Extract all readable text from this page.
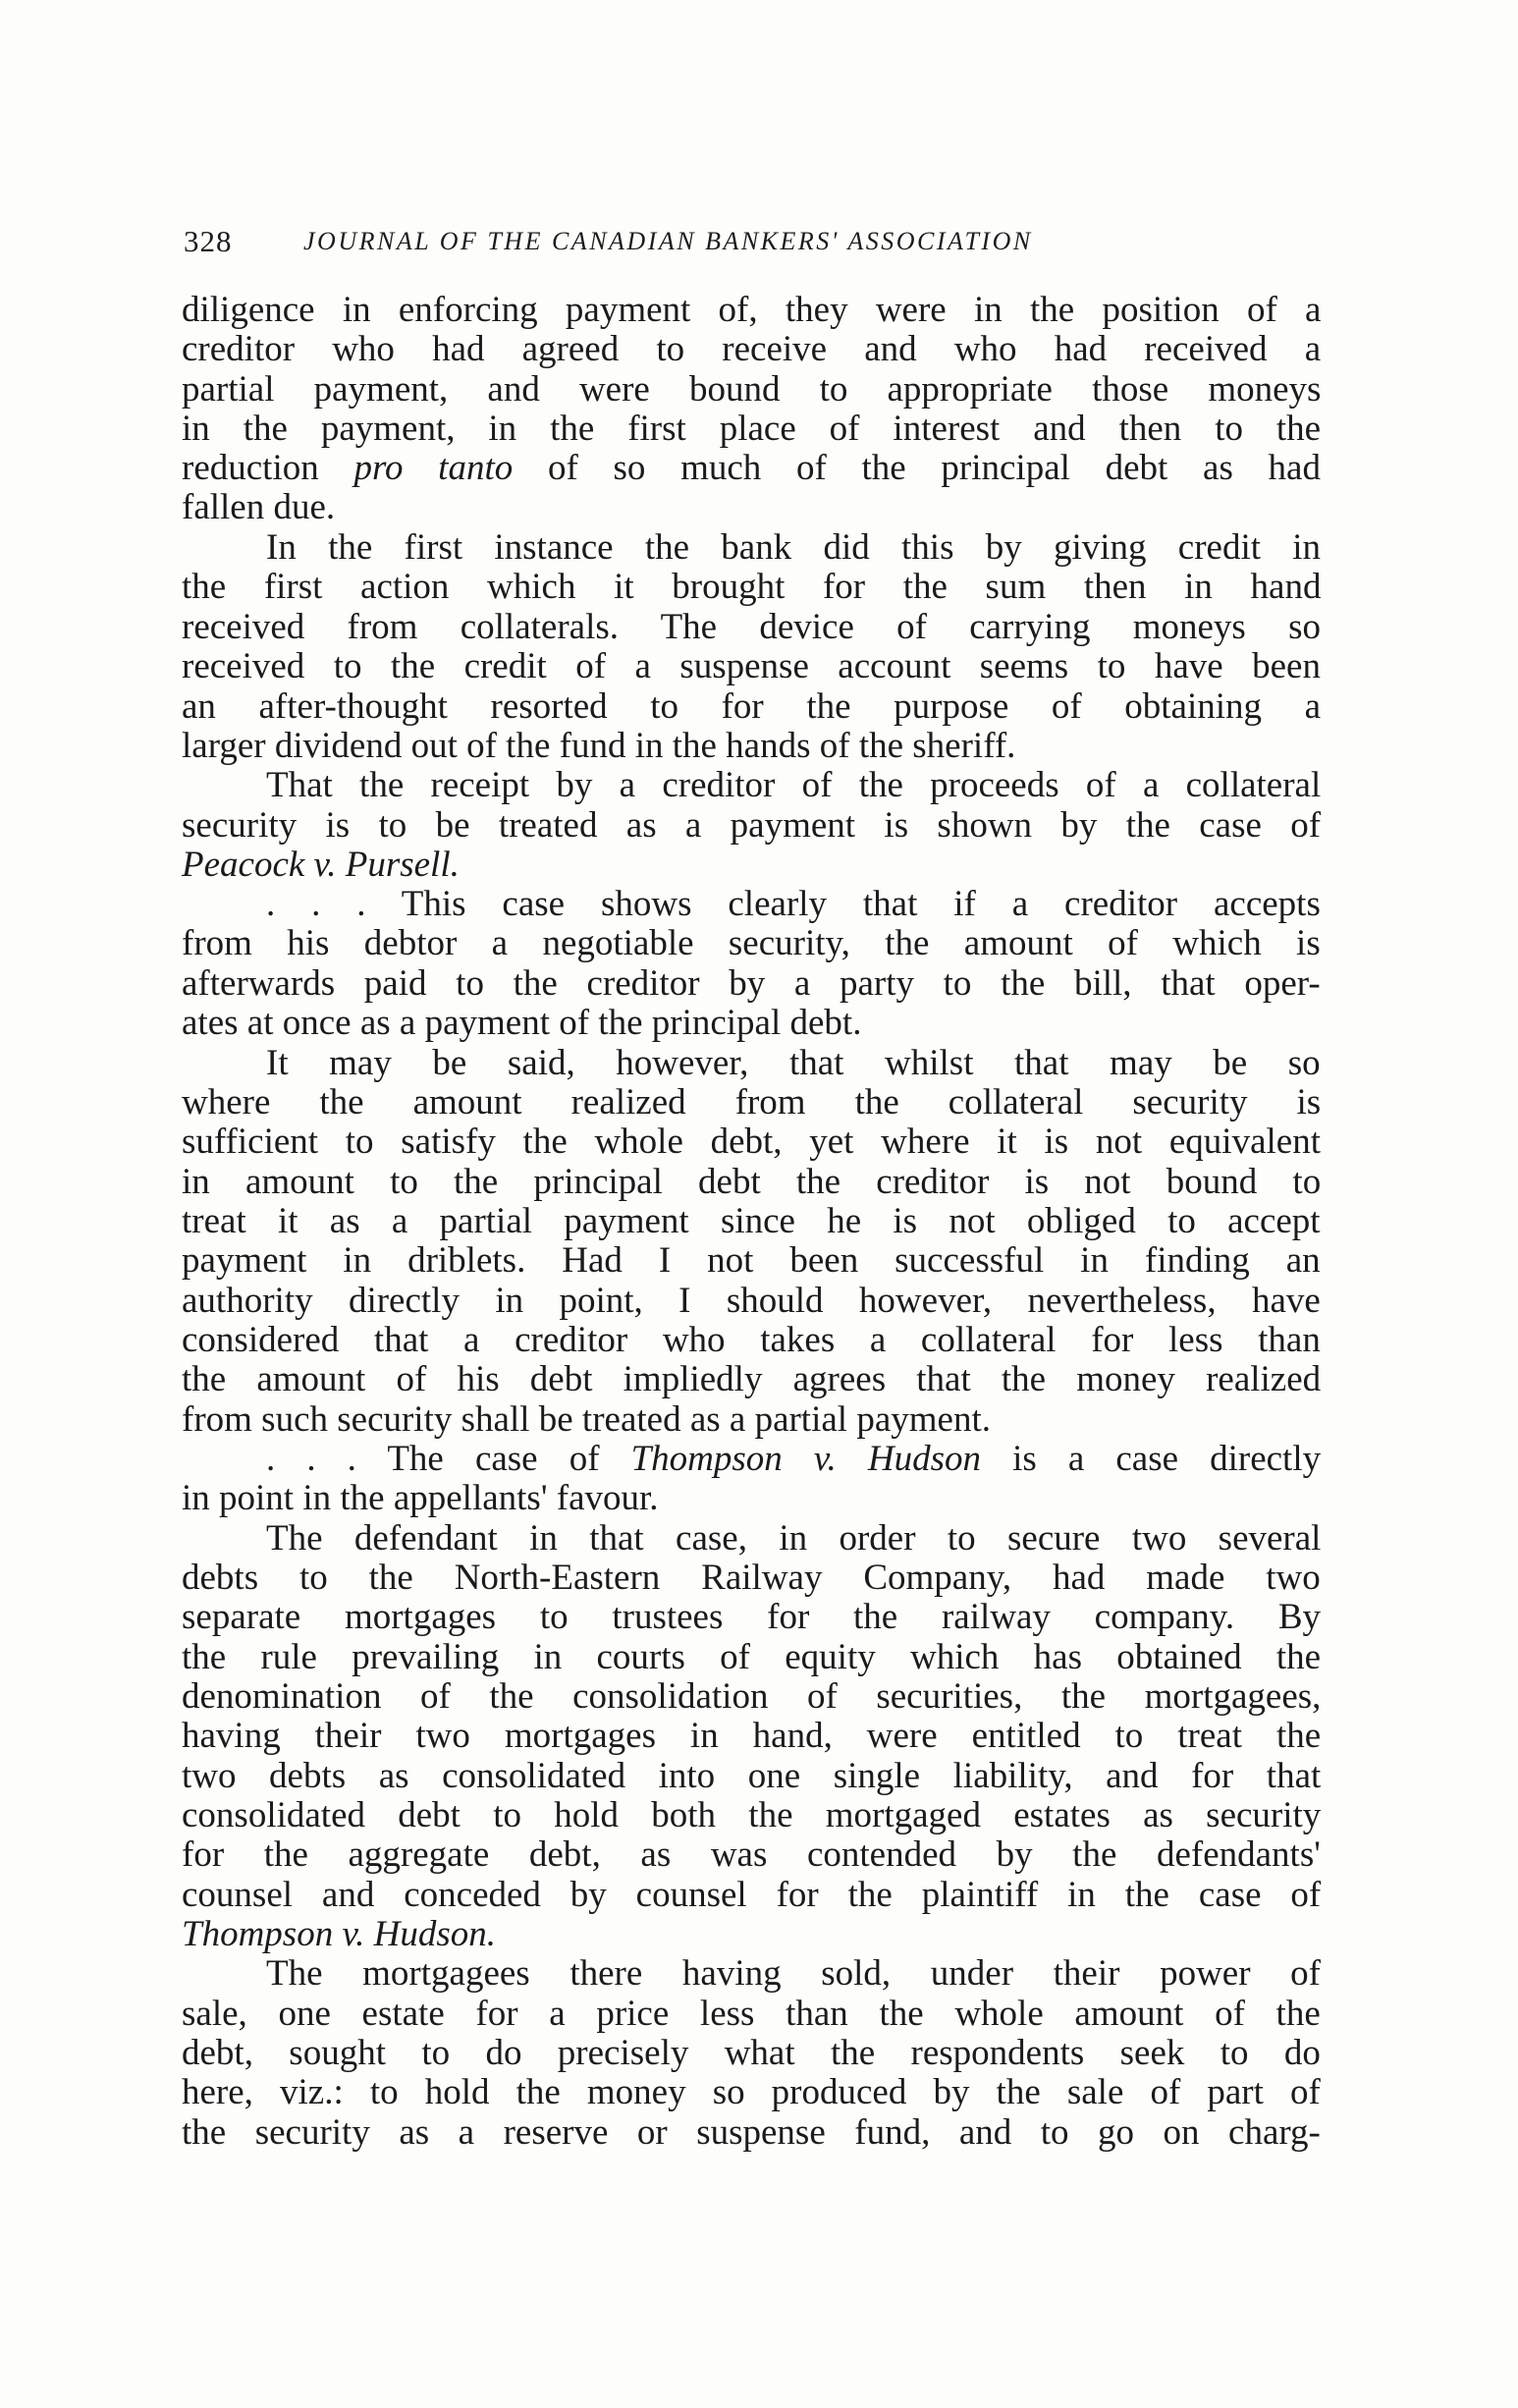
328	JOURNAL OF THE CANADIAN BANKERS' ASSOCIATION
diligence in enforcing payment of, they were in the position of a
creditor who had agreed to receive and who had received a
partial payment, and were bound to appropriate those moneys
in the payment, in the first place of interest and then to the
reduction pro tanto of so much of the principal debt as had
fallen due.
In the first instance the bank did this by giving credit in
the first action which it brought for the sum then in hand
received from collaterals. The device of carrying moneys so
received to the credit of a suspense account seems to have been
an after-thought resorted to for the purpose of obtaining a
larger dividend out of the fund in the hands of the sheriff.
That the receipt by a creditor of the proceeds of a collateral
security is to be treated as a payment is shown by the case of
Peacock v. Pursell.
. . . This case shows clearly that if a creditor accepts
from his debtor a negotiable security, the amount of which is
afterwards paid to the creditor by a party to the bill, that oper-
ates at once as a payment of the principal debt.
It may be said, however, that whilst that may be so
where the amount realized from the collateral security is
sufficient to satisfy the whole debt, yet where it is not equivalent
in amount to the principal debt the creditor is not bound to
treat it as a partial payment since he is not obliged to accept
payment in driblets. Had I not been successful in finding an
authority directly in point, I should however, nevertheless, have
considered that a creditor who takes a collateral for less than
the amount of his debt impliedly agrees that the money realized
from such security shall be treated as a partial payment.
. . . The case of Thompson v. Hudson is a case directly
in point in the appellants' favour.
The defendant in that case, in order to secure two several
debts to the North-Eastern Railway Company, had made two
separate mortgages to trustees for the railway company. By
the rule prevailing in courts of equity which has obtained the
denomination of the consolidation of securities, the mortgagees,
having their two mortgages in hand, were entitled to treat the
two debts as consolidated into one single liability, and for that
consolidated debt to hold both the mortgaged estates as security
for the aggregate debt, as was contended by the defendants'
counsel and conceded by counsel for the plaintiff in the case of
Thompson v. Hudson.
The mortgagees there having sold, under their power of
sale, one estate for a price less than the whole amount of the
debt, sought to do precisely what the respondents seek to do
here, viz.: to hold the money so produced by the sale of part of
the security as a reserve or suspense fund, and to go on charg-
